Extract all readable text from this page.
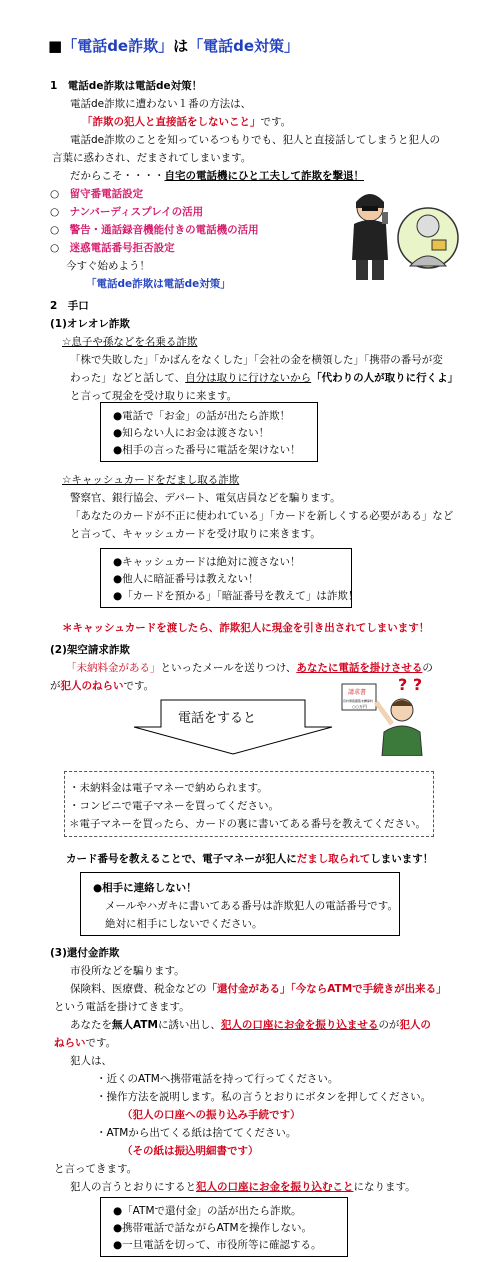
■「電話de詐欺」は「電話de対策」
1　電話de詐欺は電話de対策！
電話de詐欺に遭わない１番の方法は、
「詐欺の犯人と直接話をしないこと」です。
電話de詐欺のことを知っているつもりでも、犯人と直接話してしまうと犯人の
言葉に惑わされ、だまされてしまいます。
だからこそ・・・・自宅の電話機にひと工夫して詐欺を撃退！
○　 留守番電話設定
○　 ナンバーディスプレイの活用
○　 警告・通話録音機能付きの電話機の活用
○　 迷惑電話番号拒否設定
今すぐ始めよう！
「電話de詐欺は電話de対策」
2　手口
(1)オレオレ詐欺
☆息子や孫などを名乗る詐欺
「株で失敗した」「かばんをなくした」「会社の金を横領した」「携帯の番号が変
わった」などと話して、自分は取りに行けないから「代わりの人が取りに行くよ」
と言って現金を受け取りに来ます。
●電話で「お金」の話が出たら詐欺！
●知らない人にお金は渡さない！
●相手の言った番号に電話を架けない！
☆キャッシュカードをだまし取る詐欺
警察官、銀行協会、デパート、電気店員などを騙ります。
「あなたのカードが不正に使われている」「カードを新しくする必要がある」など
と言って、キャッシュカードを受け取りに来きます。
●キャッシュカードは絶対に渡さない！
●他人に暗証番号は教えない！
●「カードを預かる」「暗証番号を教えて」は詐欺！
＊キャッシュカードを渡したら、詐欺犯人に現金を引き出されてしまいます！
(2)架空請求詐欺
「未納料金がある」といったメールを送りつけ、あなたに電話を掛けさせるの
が犯人のねらいです。
電話をすると
? ?
請求書
有料情報閲覧未精算料
○○万円
・未納料金は電子マネーで納められます。
・コンビニで電子マネーを買ってください。
＊電子マネーを買ったら、カードの裏に書いてある番号を教えてください。
カード番号を教えることで、電子マネーが犯人にだまし取られてしまいます！
●相手に連絡しない！
メールやハガキに書いてある番号は詐欺犯人の電話番号です。
絶対に相手にしないでください。
(3)還付金詐欺
市役所などを騙ります。
保険料、医療費、税金などの「還付金がある」「今ならATMで手続きが出来る」
という電話を掛けてきます。
あなたを無人ATMに誘い出し、犯人の口座にお金を振り込ませるのが犯人の
ねらいです。
犯人は、
・近くのATMへ携帯電話を持って行ってください。
・操作方法を説明します。私の言うとおりにボタンを押してください。
（犯人の口座への振り込み手続です）
・ATMから出てくる紙は捨ててください。
（その紙は振込明細書です）
と言ってきます。
犯人の言うとおりにすると犯人の口座にお金を振り込むことになります。
●「ATMで還付金」の話が出たら詐欺。
●携帯電話で話ながらATMを操作しない。
●一旦電話を切って、市役所等に確認する。
